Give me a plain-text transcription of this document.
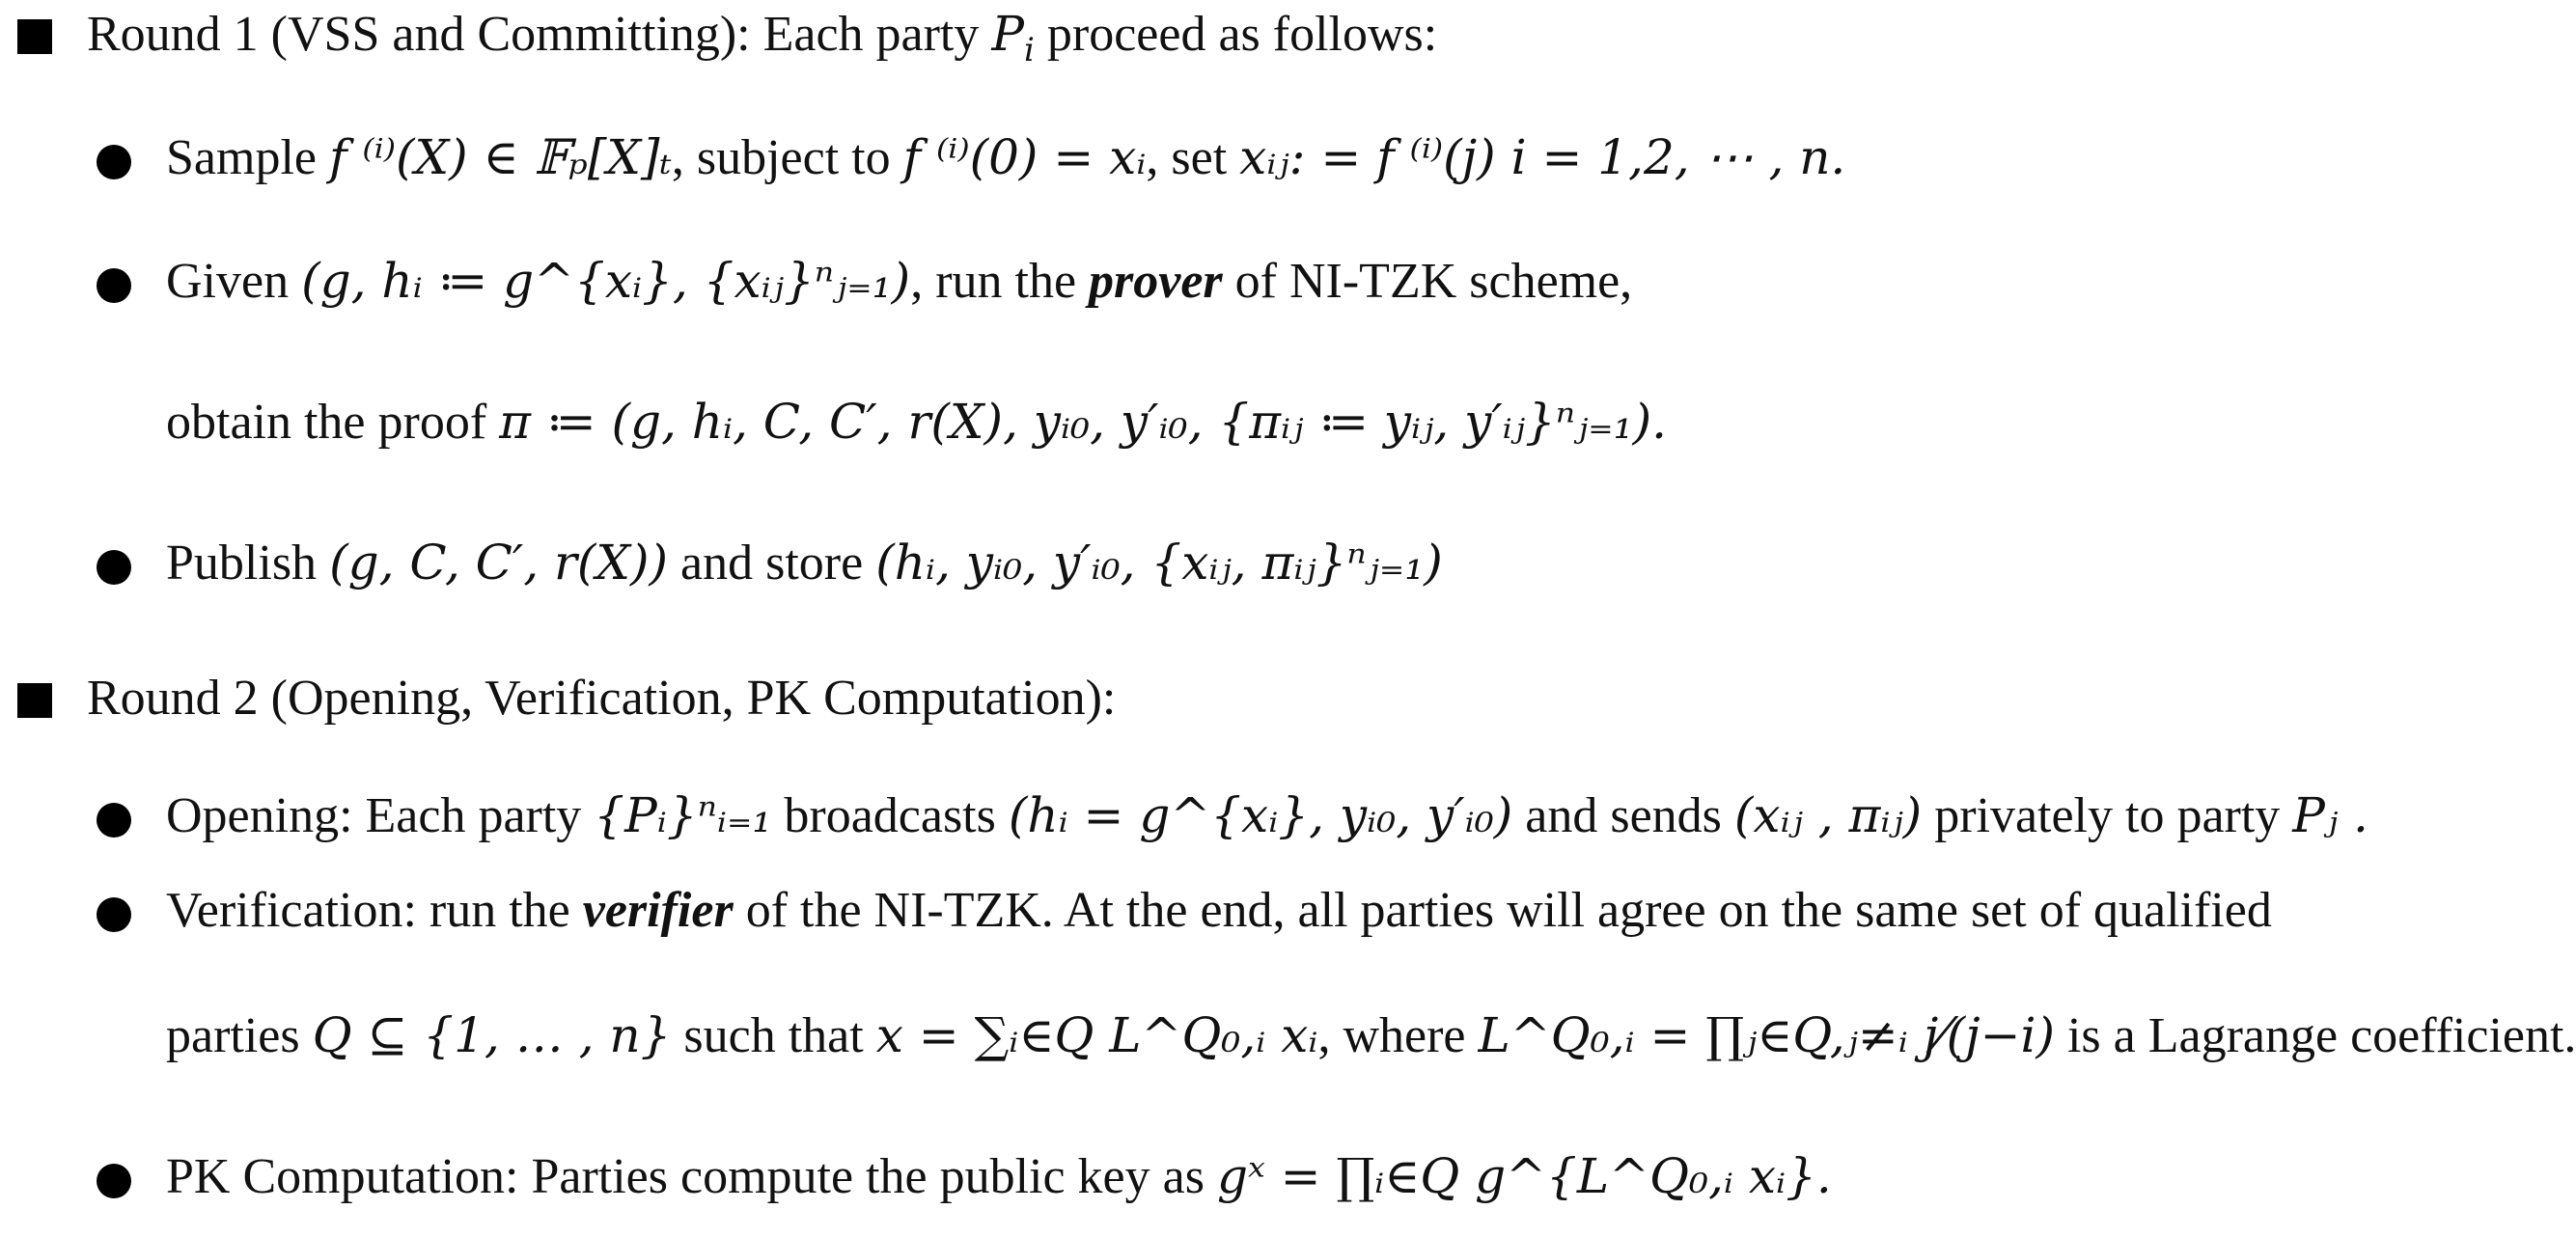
Round 1 (VSS and Committing): Each party $P_i$ proceed as follows:
Sample f ⁽ⁱ⁾(X) ∈ 𝔽ₚ[X]ₜ, subject to f ⁽ⁱ⁾(0) = xᵢ, set xᵢⱼ: = f ⁽ⁱ⁾(j) i = 1,2, ⋯ , n.
Given (g, hᵢ ≔ g^{xᵢ}, {xᵢⱼ}ⁿⱼ₌₁), run the prover of NI-TZK scheme,
obtain the proof π ≔ (g, hᵢ, C, C′, r(X), yᵢ₀, y′ᵢ₀, {πᵢⱼ ≔ yᵢⱼ, y′ᵢⱼ}ⁿⱼ₌₁).
Publish (g, C, C′, r(X)) and store (hᵢ, yᵢ₀, y′ᵢ₀, {xᵢⱼ, πᵢⱼ}ⁿⱼ₌₁)
Round 2 (Opening, Verification, PK Computation):
Opening: Each party {Pᵢ}ⁿᵢ₌₁ broadcasts (hᵢ = g^{xᵢ}, yᵢ₀, y′ᵢ₀) and sends (xᵢⱼ , πᵢⱼ) privately to party Pⱼ .
Verification: run the verifier of the NI-TZK. At the end, all parties will agree on the same set of qualified
parties Q ⊆ {1, … , n} such that x = ∑ᵢ∈Q L^Q₀,ᵢ xᵢ, where L^Q₀,ᵢ = ∏ⱼ∈Q,ⱼ≠ᵢ j⁄(j−i) is a Lagrange coefficient.
PK Computation: Parties compute the public key as gˣ = ∏ᵢ∈Q g^{L^Q₀,ᵢ xᵢ}.
